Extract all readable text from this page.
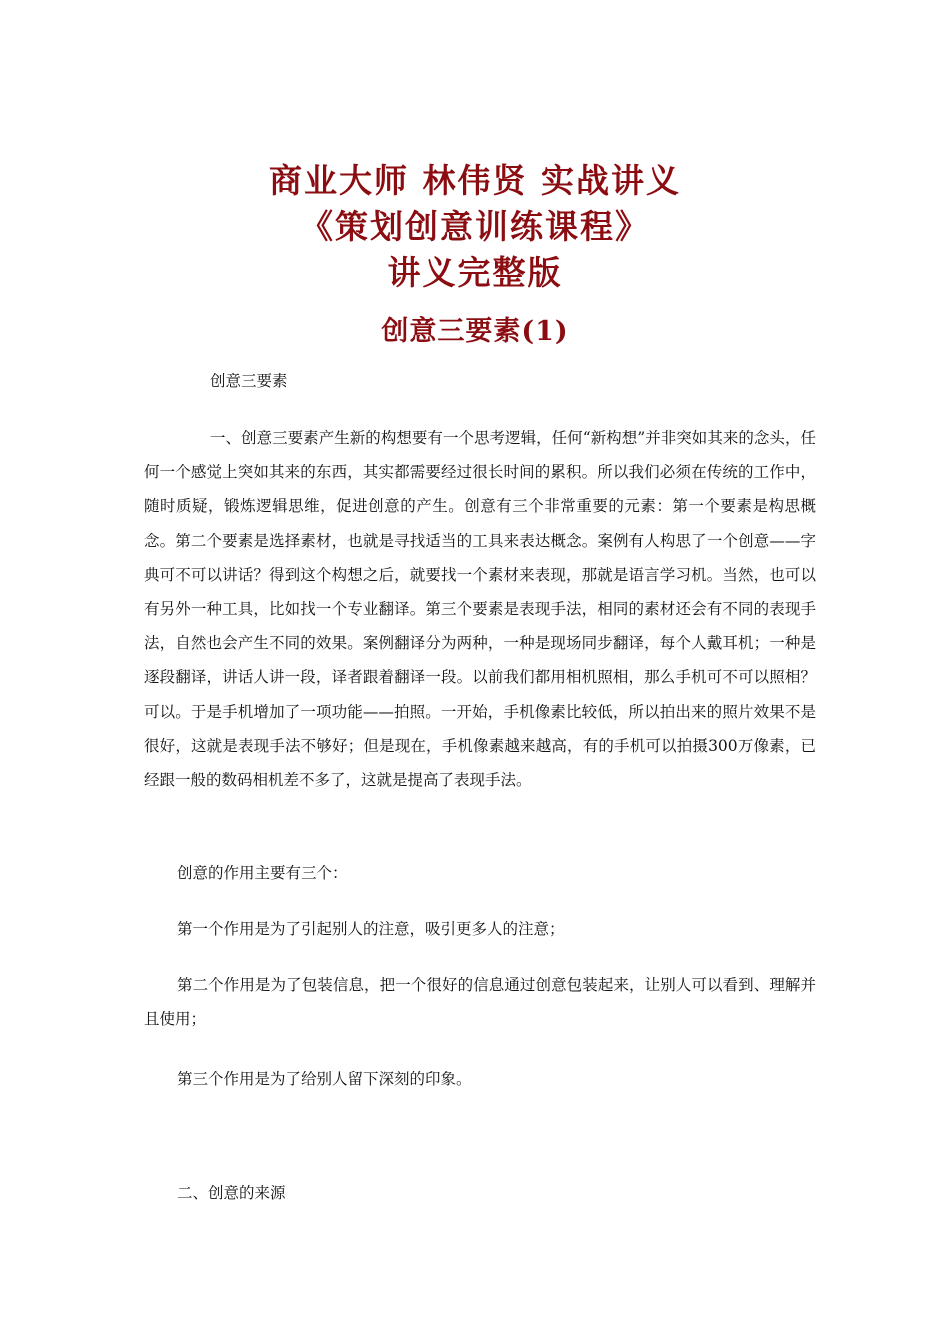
商业大师 林伟贤 实战讲义
《策划创意训练课程》
讲义完整版
创意三要素(1)
创意三要素
一、创意三要素产生新的构想要有一个思考逻辑，任何“新构想”并非突如其来的念头，任何一个感觉上突如其来的东西，其实都需要经过很长时间的累积。所以我们必须在传统的工作中，随时质疑，锻炼逻辑思维，促进创意的产生。创意有三个非常重要的元素：第一个要素是构思概念。第二个要素是选择素材，也就是寻找适当的工具来表达概念。案例有人构思了一个创意——字典可不可以讲话？得到这个构想之后，就要找一个素材来表现，那就是语言学习机。当然，也可以有另外一种工具，比如找一个专业翻译。第三个要素是表现手法，相同的素材还会有不同的表现手法，自然也会产生不同的效果。案例翻译分为两种，一种是现场同步翻译，每个人戴耳机；一种是逐段翻译，讲话人讲一段，译者跟着翻译一段。以前我们都用相机照相，那么手机可不可以照相？可以。于是手机增加了一项功能——拍照。一开始，手机像素比较低，所以拍出来的照片效果不是很好，这就是表现手法不够好；但是现在，手机像素越来越高，有的手机可以拍摄300万像素，已经跟一般的数码相机差不多了，这就是提高了表现手法。
创意的作用主要有三个：
第一个作用是为了引起别人的注意，吸引更多人的注意；
第二个作用是为了包装信息，把一个很好的信息通过创意包装起来，让别人可以看到、理解并且使用；
第三个作用是为了给别人留下深刻的印象。
二、创意的来源
